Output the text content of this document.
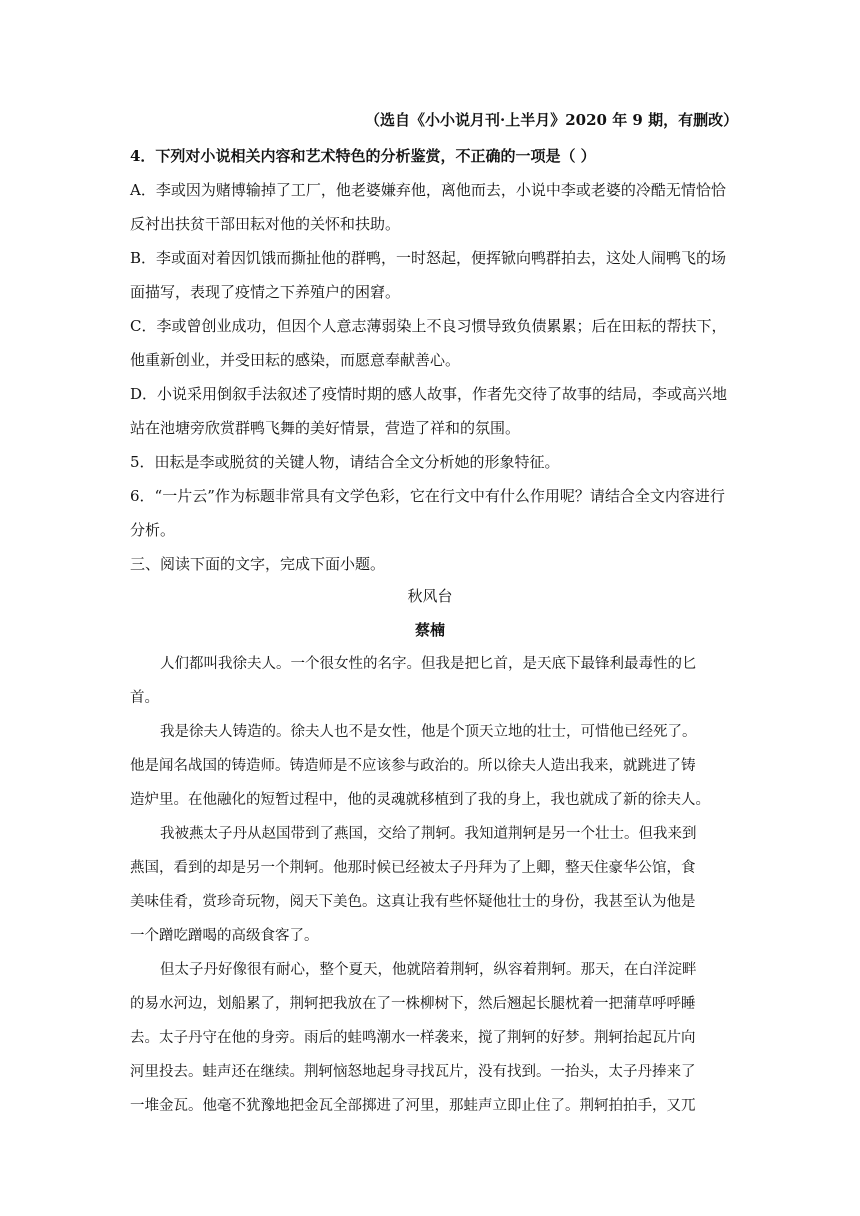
（选自《小小说月刊·上半月》2020 年 9 期，有删改）
4．下列对小说相关内容和艺术特色的分析鉴赏，不正确的一项是（ ）
A．李或因为赌博输掉了工厂，他老婆嫌弃他，离他而去，小说中李或老婆的冷酷无情恰恰
反衬出扶贫干部田耘对他的关怀和扶助。
B．李或面对着因饥饿而撕扯他的群鸭，一时怒起，便挥锨向鸭群拍去，这处人闹鸭飞的场
面描写，表现了疫情之下养殖户的困窘。
C．李或曾创业成功，但因个人意志薄弱染上不良习惯导致负债累累；后在田耘的帮扶下，
他重新创业，并受田耘的感染，而愿意奉献善心。
D．小说采用倒叙手法叙述了疫情时期的感人故事，作者先交待了故事的结局，李或高兴地
站在池塘旁欣赏群鸭飞舞的美好情景，营造了祥和的氛围。
5．田耘是李或脱贫的关键人物，请结合全文分析她的形象特征。
6．“一片云”作为标题非常具有文学色彩，它在行文中有什么作用呢？请结合全文内容进行
分析。
三、阅读下面的文字，完成下面小题。
秋风台
蔡楠
人们都叫我徐夫人。一个很女性的名字。但我是把匕首，是天底下最锋利最毒性的匕
首。
我是徐夫人铸造的。徐夫人也不是女性，他是个顶天立地的壮士，可惜他已经死了。
他是闻名战国的铸造师。铸造师是不应该参与政治的。所以徐夫人造出我来，就跳进了铸
造炉里。在他融化的短暂过程中，他的灵魂就移植到了我的身上，我也就成了新的徐夫人。
我被燕太子丹从赵国带到了燕国，交给了荆轲。我知道荆轲是另一个壮士。但我来到
燕国，看到的却是另一个荆轲。他那时候已经被太子丹拜为了上卿，整天住豪华公馆，食
美味佳肴，赏珍奇玩物，阅天下美色。这真让我有些怀疑他壮士的身份，我甚至认为他是
一个蹭吃蹭喝的高级食客了。
但太子丹好像很有耐心，整个夏天，他就陪着荆轲，纵容着荆轲。那天，在白洋淀畔
的易水河边，划船累了，荆轲把我放在了一株柳树下，然后翘起长腿枕着一把蒲草呼呼睡
去。太子丹守在他的身旁。雨后的蛙鸣潮水一样袭来，搅了荆轲的好梦。荆轲抬起瓦片向
河里投去。蛙声还在继续。荆轲恼怒地起身寻找瓦片，没有找到。一抬头，太子丹捧来了
一堆金瓦。他毫不犹豫地把金瓦全部掷进了河里，那蛙声立即止住了。荆轲拍拍手，又兀
